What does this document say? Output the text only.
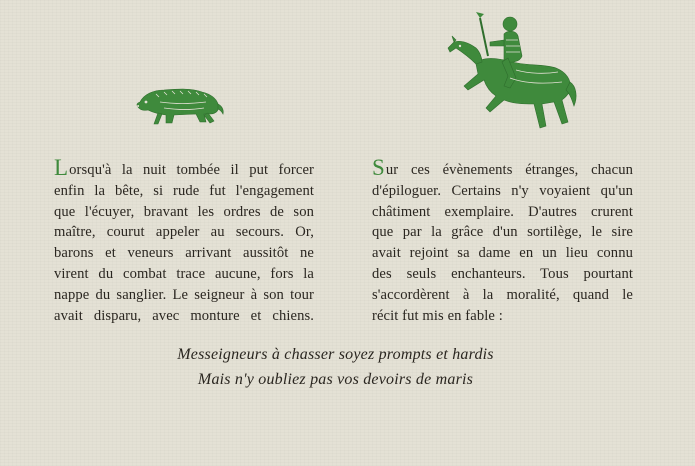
Lorsqu'à la nuit tombée il put forcer
enfin la bête, si rude fut l'engagement
que l'écuyer, bravant les ordres de son
maître, courut appeler au secours. Or,
barons et veneurs arrivant aussitôt ne
virent du combat trace aucune, fors la
nappe du sanglier. Le seigneur à son tour
avait disparu, avec monture et chiens.
Sur ces évènements étranges, chacun
d'épiloguer. Certains n'y voyaient qu'un
châtiment exemplaire. D'autres crurent
que par la grâce d'un sortilège, le sire
avait rejoint sa dame en un lieu connu
des seuls enchanteurs. Tous pourtant
s'accordèrent à la moralité, quand le
récit fut mis en fable :
Messeigneurs à chasser soyez prompts et hardis
Mais n'y oubliez pas vos devoirs de maris
